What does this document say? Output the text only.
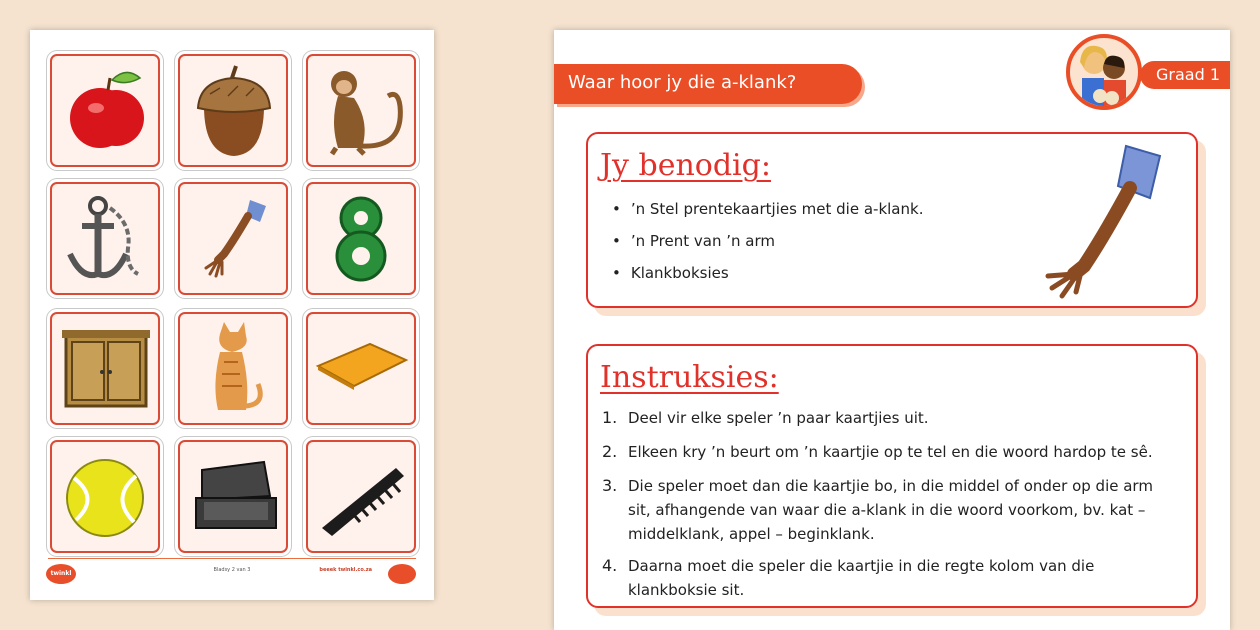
twinkl	Bladsy 2 van 3	beeek twinkl.co.za
Waar hoor jy die a-klank?	Graad 1
Jy benodig:
• ’n Stel prentekaartjies met die a-klank.
• ’n Prent van ’n arm
• Klankboksies
Instruksies:
1. Deel vir elke speler ’n paar kaartjies uit.
2. Elkeen kry ’n beurt om ’n kaartjie op te tel en die woord hardop te sê.
3. Die speler moet dan die kaartjie bo, in die middel of onder op die arm
sit, afhangende van waar die a-klank in die woord voorkom, bv. kat –
middelklank, appel – beginklank.
4. Daarna moet die speler die kaartjie in die regte kolom van die
klankboksie sit.
